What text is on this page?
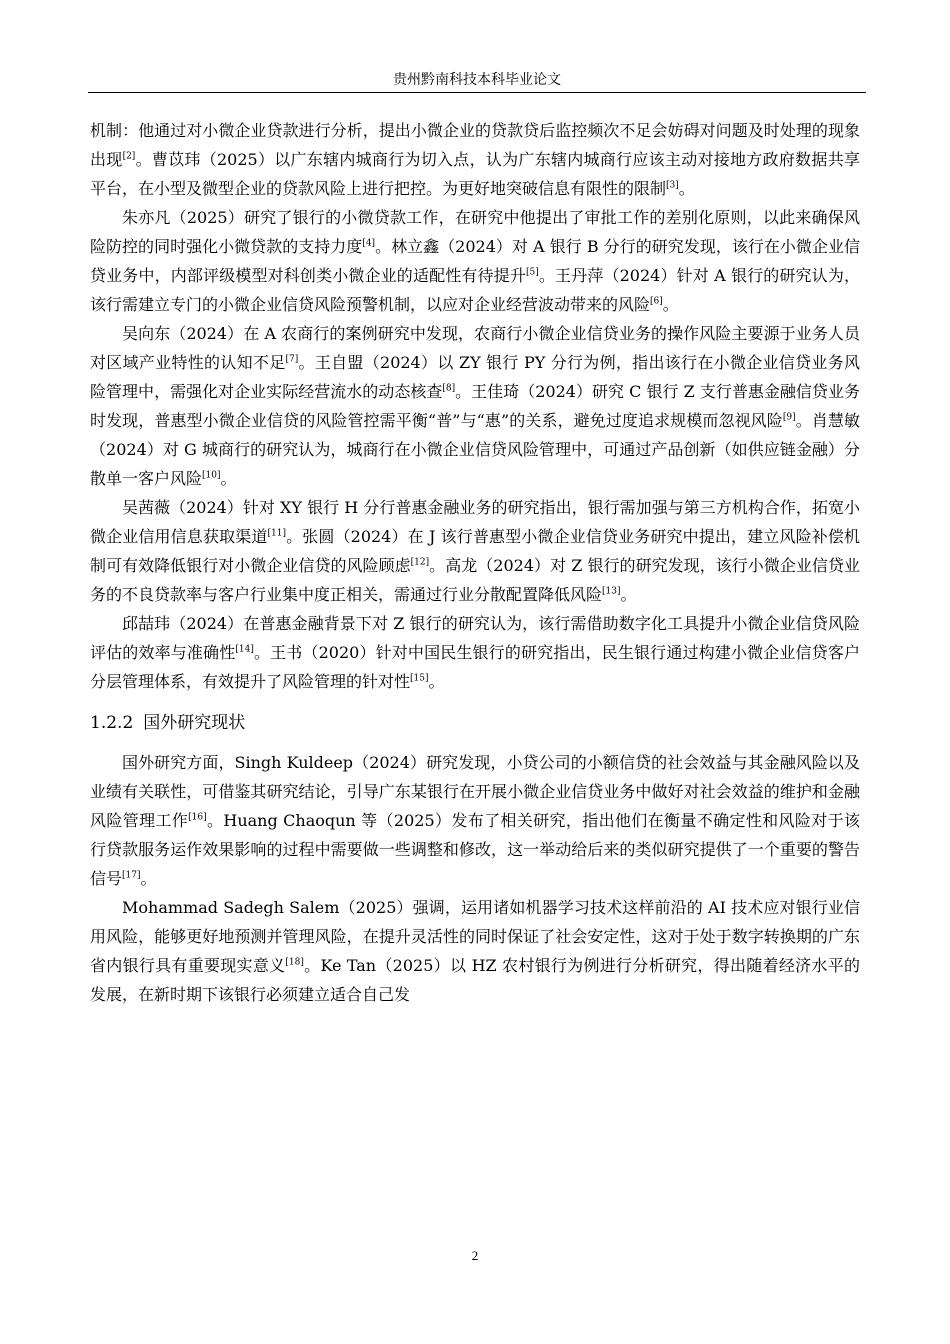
贵州黔南科技本科毕业论文

机制：他通过对小微企业贷款进行分析，提出小微企业的贷款贷后监控频次不足会妨碍对问题及时处理的现象出现[2]。曹苡玮（2025）以广东辖内城商行为切入点，认为广东辖内城商行应该主动对接地方政府数据共享平台，在小型及微型企业的贷款风险上进行把控。为更好地突破信息有限性的限制[3]。

朱亦凡（2025）研究了银行的小微贷款工作，在研究中他提出了审批工作的差别化原则，以此来确保风险防控的同时强化小微贷款的支持力度[4]。林立鑫（2024）对 A 银行 B 分行的研究发现，该行在小微企业信贷业务中，内部评级模型对科创类小微企业的适配性有待提升[5]。王丹萍（2024）针对 A 银行的研究认为，该行需建立专门的小微企业信贷风险预警机制，以应对企业经营波动带来的风险[6]。

吴向东（2024）在 A 农商行的案例研究中发现，农商行小微企业信贷业务的操作风险主要源于业务人员对区域产业特性的认知不足[7]。王自盟（2024）以 ZY 银行 PY 分行为例，指出该行在小微企业信贷业务风险管理中，需强化对企业实际经营流水的动态核查[8]。王佳琦（2024）研究 C 银行 Z 支行普惠金融信贷业务时发现，普惠型小微企业信贷的风险管控需平衡“普”与“惠”的关系，避免过度追求规模而忽视风险[9]。肖慧敏（2024）对 G 城商行的研究认为，城商行在小微企业信贷风险管理中，可通过产品创新（如供应链金融）分散单一客户风险[10]。

吴茜薇（2024）针对 XY 银行 H 分行普惠金融业务的研究指出，银行需加强与第三方机构合作，拓宽小微企业信用信息获取渠道[11]。张圆（2024）在 J 该行普惠型小微企业信贷业务研究中提出，建立风险补偿机制可有效降低银行对小微企业信贷的风险顾虑[12]。高龙（2024）对 Z 银行的研究发现，该行小微企业信贷业务的不良贷款率与客户行业集中度正相关，需通过行业分散配置降低风险[13]。

邱喆玮（2024）在普惠金融背景下对 Z 银行的研究认为，该行需借助数字化工具提升小微企业信贷风险评估的效率与准确性[14]。王书（2020）针对中国民生银行的研究指出，民生银行通过构建小微企业信贷客户分层管理体系，有效提升了风险管理的针对性[15]。

1.2.2 国外研究现状

国外研究方面，Singh Kuldeep（2024）研究发现，小贷公司的小额信贷的社会效益与其金融风险以及业绩有关联性，可借鉴其研究结论，引导广东某银行在开展小微企业信贷业务中做好对社会效益的维护和金融风险管理工作[16]。Huang Chaoqun 等（2025）发布了相关研究，指出他们在衡量不确定性和风险对于该行贷款服务运作效果影响的过程中需要做一些调整和修改，这一举动给后来的类似研究提供了一个重要的警告信号[17]。

Mohammad Sadegh Salem（2025）强调，运用诸如机器学习技术这样前沿的 AI 技术应对银行业信用风险，能够更好地预测并管理风险，在提升灵活性的同时保证了社会安定性，这对于处于数字转换期的广东省内银行具有重要现实意义[18]。Ke Tan（2025）以 HZ 农村银行为例进行分析研究，得出随着经济水平的发展，在新时期下该银行必须建立适合自己发

2
